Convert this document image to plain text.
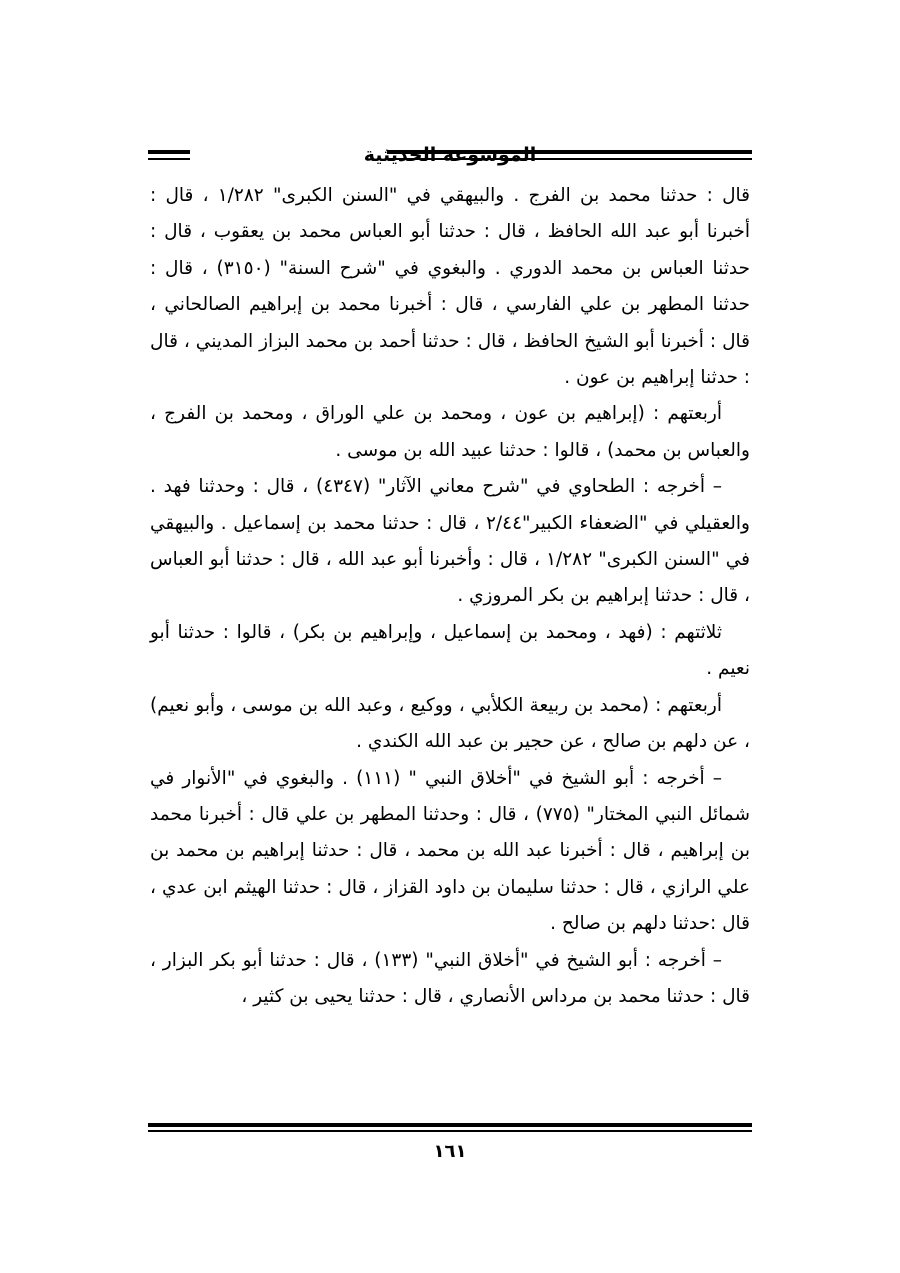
الموسوعة الحديثية

قال : حدثنا محمد بن الفرج . والبيهقي في "السنن الكبرى" ١/٢٨٢ ، قال : أخبرنا أبو عبد الله الحافظ ، قال : حدثنا أبو العباس محمد بن يعقوب ، قال : حدثنا العباس بن محمد الدوري . والبغوي في "شرح السنة" (٣١٥٠) ، قال : حدثنا المطهر بن علي الفارسي ، قال : أخبرنا محمد بن إبراهيم الصالحاني ، قال : أخبرنا أبو الشيخ الحافظ ، قال : حدثنا أحمد بن محمد البزاز المديني ، قال : حدثنا إبراهيم بن عون .

أربعتهم : (إبراهيم بن عون ، ومحمد بن علي الوراق ، ومحمد بن الفرج ، والعباس بن محمد) ، قالوا : حدثنا عبيد الله بن موسى .

– أخرجه : الطحاوي في "شرح معاني الآثار" (٤٣٤٧) ، قال : وحدثنا فهد . والعقيلي في "الضعفاء الكبير"٢/٤٤ ، قال : حدثنا محمد بن إسماعيل . والبيهقي في "السنن الكبرى" ١/٢٨٢ ، قال : وأخبرنا أبو عبد الله ، قال : حدثنا أبو العباس ، قال : حدثنا إبراهيم بن بكر المروزي .

ثلاثتهم : (فهد ، ومحمد بن إسماعيل ، وإبراهيم بن بكر) ، قالوا : حدثنا أبو نعيم .

أربعتهم : (محمد بن ربيعة الكلأبي ، ووكيع ، وعبد الله بن موسى ، وأبو نعيم) ، عن دلهم بن صالح ، عن حجير بن عبد الله الكندي .

– أخرجه : أبو الشيخ في "أخلاق النبي " (١١١) . والبغوي في "الأنوار في شمائل النبي المختار" (٧٧٥) ، قال : وحدثنا المطهر بن علي قال : أخبرنا محمد بن إبراهيم ، قال : أخبرنا عبد الله بن محمد ، قال : حدثنا إبراهيم بن محمد بن علي الرازي ، قال : حدثنا سليمان بن داود القزاز ، قال : حدثنا الهيثم ابن عدي ، قال :حدثنا دلهم بن صالح .

– أخرجه : أبو الشيخ في "أخلاق النبي" (١٣٣) ، قال : حدثنا أبو بكر البزار ، قال : حدثنا محمد بن مرداس الأنصاري ، قال : حدثنا يحيى بن كثير ،

١٦١
